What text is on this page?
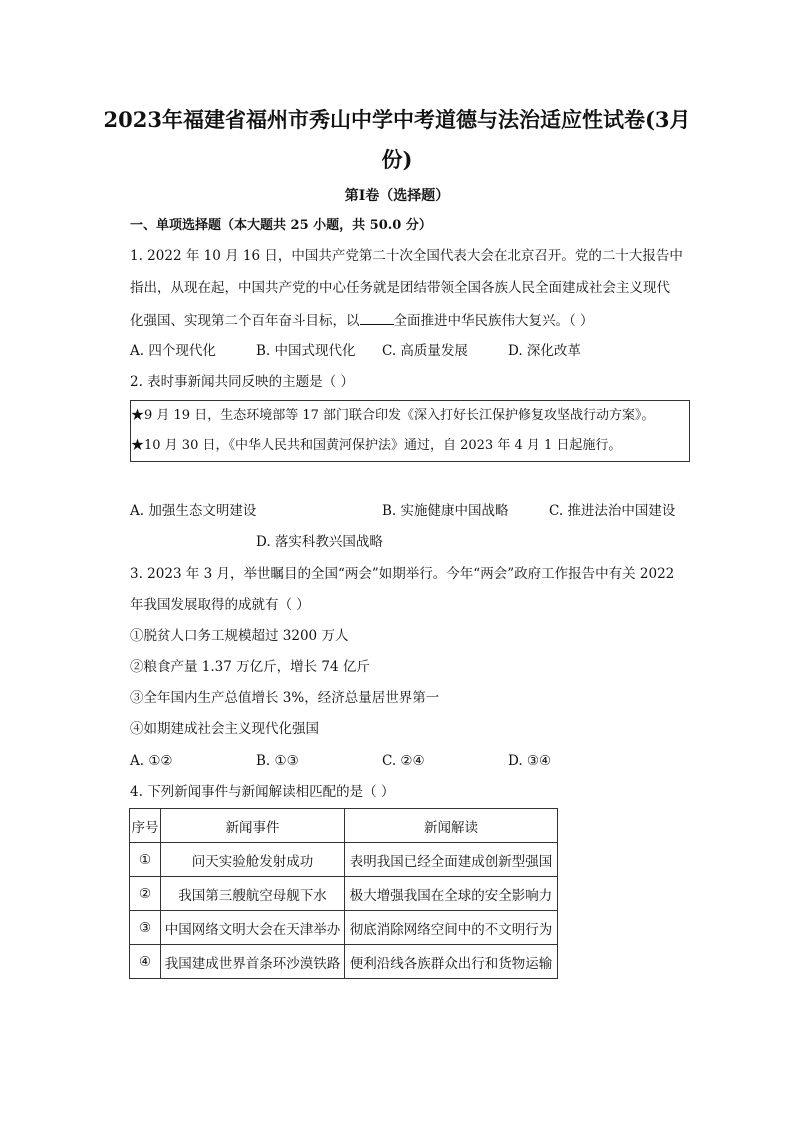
2023年福建省福州市秀山中学中考道德与法治适应性试卷(3月
份)
第I卷（选择题）
一、单项选择题（本大题共 25 小题，共 50.0 分）
1. 2022 年 10 月 16 日，中国共产党第二十次全国代表大会在北京召开。党的二十大报告中
指出，从现在起，中国共产党的中心任务就是团结带领全国各族人民全面建成社会主义现代
化强国、实现第二个百年奋斗目标，以	全面推进中华民族伟大复兴。（ ）
A. 四个现代化	B. 中国式现代化 C. 高质量发展	D. 深化改革
2. 表时事新闻共同反映的主题是（ ）
★9 月 19 日，生态环境部等 17 部门联合印发《深入打好长江保护修复攻坚战行动方案》。
★10 月 30 日，《中华人民共和国黄河保护法》通过，自 2023 年 4 月 1 日起施行。
A. 加强生态文明建设	B. 实施健康中国战略	C. 推进法治中国建设
D. 落实科教兴国战略
3. 2023 年 3 月，举世瞩目的全国“两会”如期举行。今年“两会”政府工作报告中有关 2022
年我国发展取得的成就有（ ）
①脱贫人口务工规模超过 3200 万人
②粮食产量 1.37 万亿斤，增长 74 亿斤
③全年国内生产总值增长 3%，经济总量居世界第一
④如期建成社会主义现代化强国
A. ①②	B. ①③	C. ②④	D. ③④
4. 下列新闻事件与新闻解读相匹配的是（ ）
序号	新闻事件	新闻解读
①	问天实验舱发射成功	表明我国已经全面建成创新型强国
②	我国第三艘航空母舰下水	极大增强我国在全球的安全影响力
③	中国网络文明大会在天津举办	彻底消除网络空间中的不文明行为
④	我国建成世界首条环沙漠铁路	便利沿线各族群众出行和货物运输
